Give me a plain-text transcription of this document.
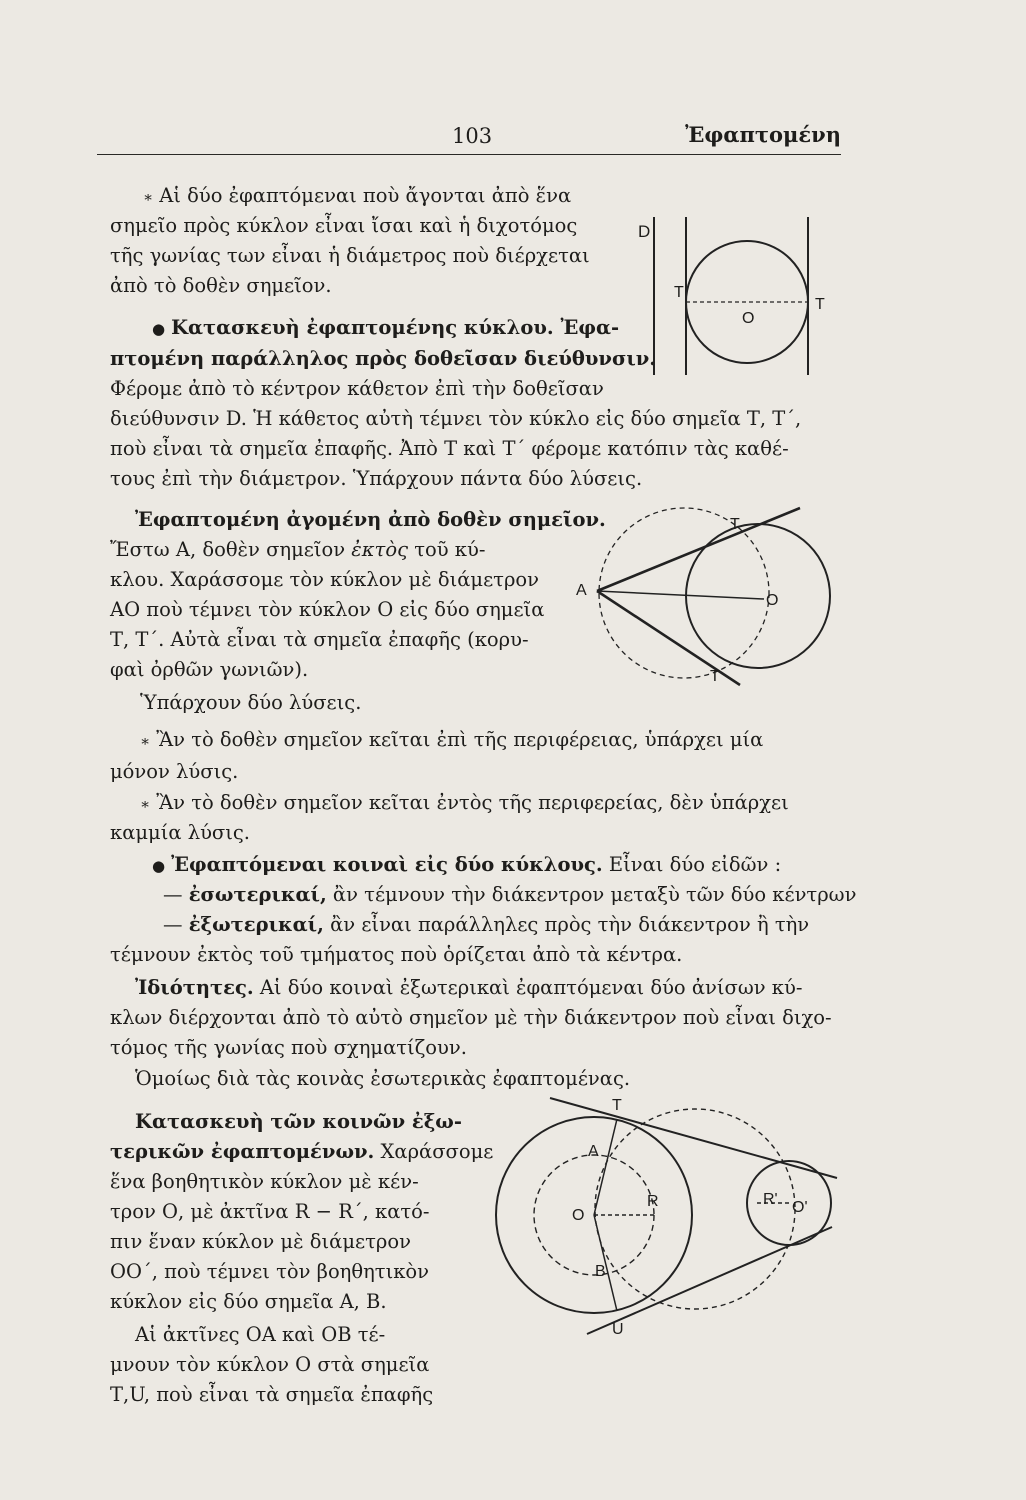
103	Ἐφαπτομένη

∗ Αἱ δύο ἐφαπτόμεναι ποὺ ἄγονται ἀπὸ ἕνα

σημεῖο πρὸς κύκλον εἶναι ἴσαι καὶ ἡ διχοτόμος

τῆς γωνίας των εἶναι ἡ διάμετρος ποὺ διέρχεται

ἀπὸ τὸ δοθὲν σημεῖον.

● Κατασκευὴ ἐφαπτομένης κύκλου. Ἐφα-

πτομένη παράλληλος πρὸς δοθεῖσαν διεύθυνσιν.

Φέρομε ἀπὸ τὸ κέντρον κάθετον ἐπὶ τὴν δοθεῖσαν

διεύθυνσιν D. Ἡ κάθετος αὐτὴ τέμνει τὸν κύκλο εἰς δύο σημεῖα Τ, Τ΄,

ποὺ εἶναι τὰ σημεῖα ἐπαφῆς. Ἀπὸ Τ καὶ Τ΄ φέρομε κατόπιν τὰς καθέ-

τους ἐπὶ τὴν διάμετρον. Ὑπάρχουν πάντα δύο λύσεις.

Ἐφαπτομένη ἀγομένη ἀπὸ δοθὲν σημεῖον.

Ἔστω Α, δοθὲν σημεῖον ἐκτὸς τοῦ κύ-

κλου. Χαράσσομε τὸν κύκλον μὲ διάμετρον

ΑΟ ποὺ τέμνει τὸν κύκλον Ο εἰς δύο σημεῖα

Τ, Τ΄. Αὐτὰ εἶναι τὰ σημεῖα ἐπαφῆς (κορυ-

φαὶ ὀρθῶν γωνιῶν).

Ὑπάρχουν δύο λύσεις.

∗ Ἂν τὸ δοθὲν σημεῖον κεῖται ἐπὶ τῆς περιφέρειας, ὑπάρχει μία

μόνον λύσις.

∗ Ἂν τὸ δοθὲν σημεῖον κεῖται ἐντὸς τῆς περιφερείας, δὲν ὑπάρχει

καμμία λύσις.

● Ἐφαπτόμεναι κοιναὶ εἰς δύο κύκλους. Εἶναι δύο εἰδῶν :

— ἐσωτερικαί, ἂν τέμνουν τὴν διάκεντρον μεταξὺ τῶν δύο κέντρων

— ἐξωτερικαί, ἂν εἶναι παράλληλες πρὸς τὴν διάκεντρον ἢ τὴν

τέμνουν ἐκτὸς τοῦ τμήματος ποὺ ὁρίζεται ἀπὸ τὰ κέντρα.

Ἰδιότητες. Αἱ δύο κοιναὶ ἐξωτερικαὶ ἐφαπτόμεναι δύο ἀνίσων κύ-

κλων διέρχονται ἀπὸ τὸ αὐτὸ σημεῖον μὲ τὴν διάκεντρον ποὺ εἶναι διχο-

τόμος τῆς γωνίας ποὺ σχηματίζουν.

Ὁμοίως διὰ τὰς κοινὰς ἐσωτερικὰς ἐφαπτομένας.

Κατασκευὴ τῶν κοινῶν ἐξω-

τερικῶν ἐφαπτομένων. Χαράσσομε

ἕνα βοηθητικὸν κύκλον μὲ κέν-

τρον Ο, μὲ ἀκτῖνα R − R΄, κατό-

πιν ἕναν κύκλον μὲ διάμετρον

ΟΟ΄, ποὺ τέμνει τὸν βοηθητικὸν

κύκλον εἰς δύο σημεῖα Α, Β.

Αἱ ἀκτῖνες ΟΑ καὶ ΟΒ τέ-

μνουν τὸν κύκλον Ο στὰ σημεῖα

Τ,U, ποὺ εἶναι τὰ σημεῖα ἐπαφῆς

D
T
O
T
T
A
O
T
T
A
O
R	R' O'
B
U
